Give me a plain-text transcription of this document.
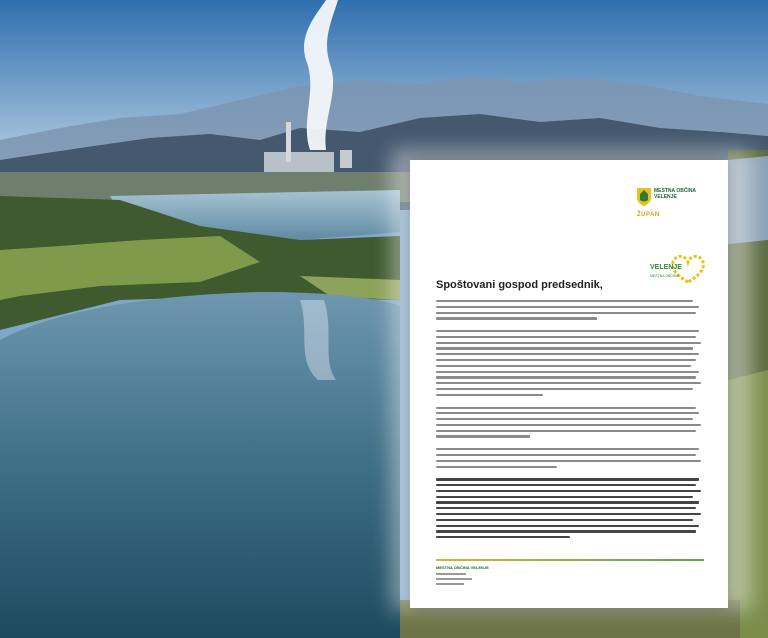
MESTNA OBČINA VELENJE
ŽUPAN
VELENJE
MESTNA OBČINA
Spoštovani gospod predsednik,
MESTNA OBČINA VELENJE
